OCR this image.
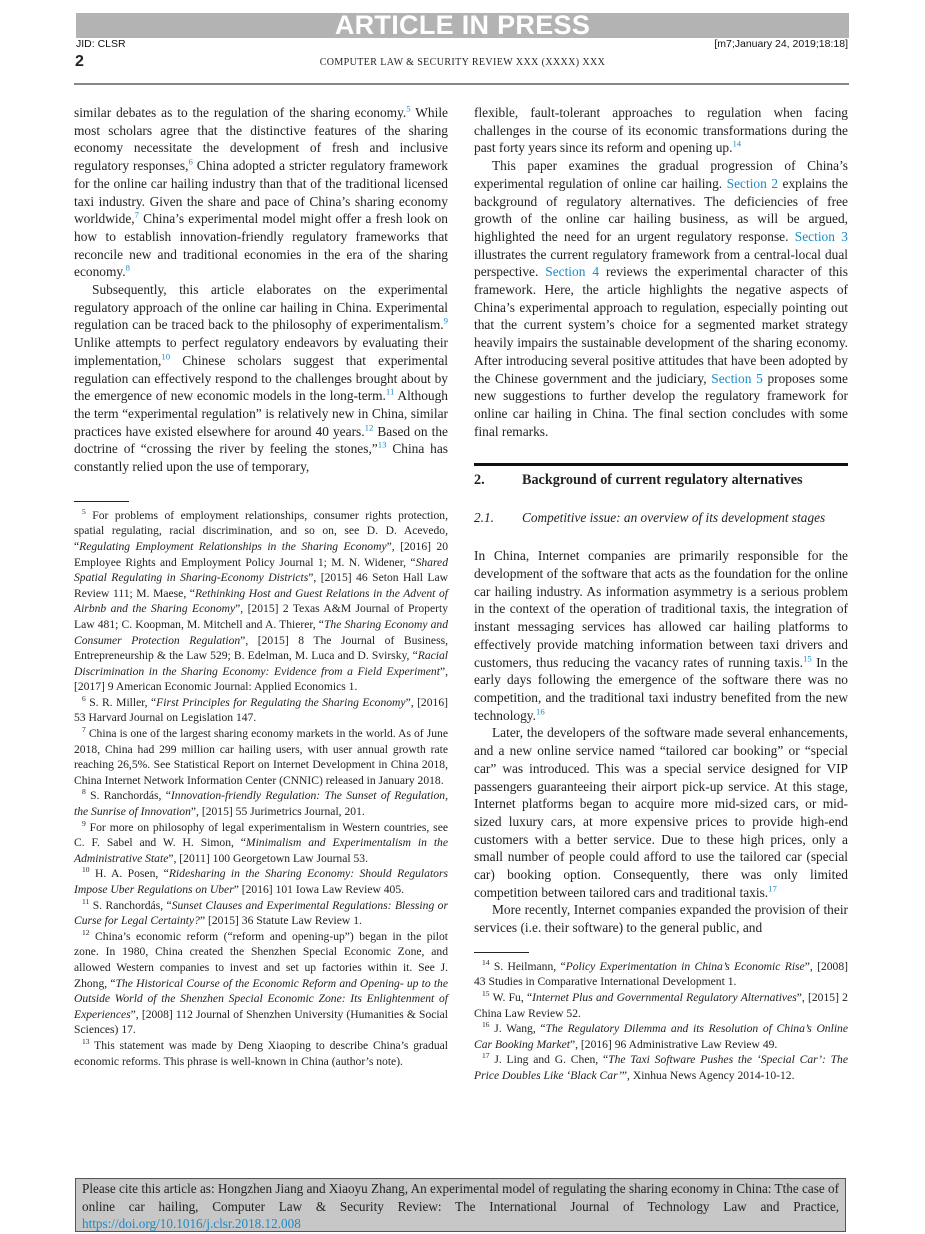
ARTICLE IN PRESS
JID: CLSR	[m7;January 24, 2019;18:18]
2	COMPUTER LAW & SECURITY REVIEW XXX (XXXX) XXX

similar debates as to the regulation of the sharing economy.$^5$ While most scholars agree that the distinctive features of the sharing economy necessitate the development of fresh and inclusive regulatory responses,$^6$ China adopted a stricter regulatory framework for the online car hailing industry than that of the traditional licensed taxi industry. Given the share and pace of China’s sharing economy worldwide,$^7$ China’s experimental model might offer a fresh look on how to establish innovation-friendly regulatory frameworks that reconcile new and traditional economies in the era of the sharing economy.$^8$

Subsequently, this article elaborates on the experimental regulatory approach of the online car hailing in China. Experimental regulation can be traced back to the philosophy of experimentalism.$^9$ Unlike attempts to perfect regulatory endeavors by evaluating their implementation,$^{10}$ Chinese scholars suggest that experimental regulation can effectively respond to the challenges brought about by the emergence of new economic models in the long-term.$^{11}$ Although the term “experimental regulation” is relatively new in China, similar practices have existed elsewhere for around 40 years.$^{12}$ Based on the doctrine of “crossing the river by feeling the stones,”$^{13}$ China has constantly relied upon the use of temporary,

$^5$ For problems of employment relationships, consumer rights protection, spatial regulating, racial discrimination, and so on, see D. D. Acevedo, “Regulating Employment Relationships in the Sharing Economy”, [2016] 20 Employee Rights and Employment Policy Journal 1; M. N. Widener, “Shared Spatial Regulating in Sharing-Economy Districts”, [2015] 46 Seton Hall Law Review 111; M. Maese, “Rethinking Host and Guest Relations in the Advent of Airbnb and the Sharing Economy”, [2015] 2 Texas A&M Journal of Property Law 481; C. Koopman, M. Mitchell and A. Thierer, “The Sharing Economy and Consumer Protection Regulation”, [2015] 8 The Journal of Business, Entrepreneurship & the Law 529; B. Edelman, M. Luca and D. Svirsky, “Racial Discrimination in the Sharing Economy: Evidence from a Field Experiment”, [2017] 9 American Economic Journal: Applied Economics 1.

$^6$ S. R. Miller, “First Principles for Regulating the Sharing Economy”, [2016] 53 Harvard Journal on Legislation 147.

$^7$ China is one of the largest sharing economy markets in the world. As of June 2018, China had 299 million car hailing users, with user annual growth rate reaching 26,5%. See Statistical Report on Internet Development in China 2018, China Internet Network Information Center (CNNIC) released in January 2018.

$^8$ S. Ranchordás, “Innovation-friendly Regulation: The Sunset of Regulation, the Sunrise of Innovation”, [2015] 55 Jurimetrics Journal, 201.

$^9$ For more on philosophy of legal experimentalism in Western countries, see C. F. Sabel and W. H. Simon, “Minimalism and Experimentalism in the Administrative State”, [2011] 100 Georgetown Law Journal 53.

$^{10}$ H. A. Posen, “Ridesharing in the Sharing Economy: Should Regulators Impose Uber Regulations on Uber” [2016] 101 Iowa Law Review 405.

$^{11}$ S. Ranchordás, “Sunset Clauses and Experimental Regulations: Blessing or Curse for Legal Certainty?” [2015] 36 Statute Law Review 1.

$^{12}$ China’s economic reform (“reform and opening-up”) began in the pilot zone. In 1980, China created the Shenzhen Special Economic Zone, and allowed Western companies to invest and set up factories within it. See J. Zhong, “The Historical Course of the Economic Reform and Opening- up to the Outside World of the Shenzhen Special Economic Zone: Its Enlightenment of Experiences”, [2008] 112 Journal of Shenzhen University (Humanities & Social Sciences) 17.

$^{13}$ This statement was made by Deng Xiaoping to describe China’s gradual economic reforms. This phrase is well-known in China (author’s note).

flexible, fault-tolerant approaches to regulation when facing challenges in the course of its economic transformations during the past forty years since its reform and opening up.$^{14}$

This paper examines the gradual progression of China’s experimental regulation of online car hailing. Section 2 explains the background of regulatory alternatives. The deficiencies of free growth of the online car hailing business, as will be argued, highlighted the need for an urgent regulatory response. Section 3 illustrates the current regulatory framework from a central-local dual perspective. Section 4 reviews the experimental character of this framework. Here, the article highlights the negative aspects of China’s experimental approach to regulation, especially pointing out that the current system’s choice for a segmented market strategy heavily impairs the sustainable development of the sharing economy. After introducing several positive attitudes that have been adopted by the Chinese government and the judiciary, Section 5 proposes some new suggestions to further develop the regulatory framework for online car hailing in China. The final section concludes with some final remarks.

2.	Background of current regulatory alternatives
2.1.	Competitive issue: an overview of its development stages

In China, Internet companies are primarily responsible for the development of the software that acts as the foundation for the online car hailing industry. As information asymmetry is a serious problem in the context of the operation of traditional taxis, the integration of instant messaging services has allowed car hailing platforms to effectively provide matching information between taxi drivers and customers, thus reducing the vacancy rates of running taxis.$^{15}$ In the early days following the emergence of the software there was no competition, and the traditional taxi industry benefited from the new technology.$^{16}$

Later, the developers of the software made several enhancements, and a new online service named “tailored car booking” or “special car” was introduced. This was a special service designed for VIP passengers guaranteeing their airport pick-up service. At this stage, Internet platforms began to acquire more mid-sized cars, or mid-sized luxury cars, at more expensive prices to provide high-end customers with a better service. Due to these high prices, only a small number of people could afford to use the tailored car (special car) booking option. Consequently, there was only limited competition between tailored cars and traditional taxis.$^{17}$

More recently, Internet companies expanded the provision of their services (i.e. their software) to the general public, and

$^{14}$ S. Heilmann, “Policy Experimentation in China’s Economic Rise”, [2008] 43 Studies in Comparative International Development 1.

$^{15}$ W. Fu, “Internet Plus and Governmental Regulatory Alternatives”, [2015] 2 China Law Review 52.

$^{16}$ J. Wang, “The Regulatory Dilemma and its Resolution of China’s Online Car Booking Market”, [2016] 96 Administrative Law Review 49.

$^{17}$ J. Ling and G. Chen, “The Taxi Software Pushes the ‘Special Car’: The Price Doubles Like ‘Black Car’”, Xinhua News Agency 2014-10-12.

Please cite this article as: Hongzhen Jiang and Xiaoyu Zhang, An experimental model of regulating the sharing economy in China: Tthe case of online car hailing, Computer Law & Security Review: The International Journal of Technology Law and Practice, https://doi.org/10.1016/j.clsr.2018.12.008
